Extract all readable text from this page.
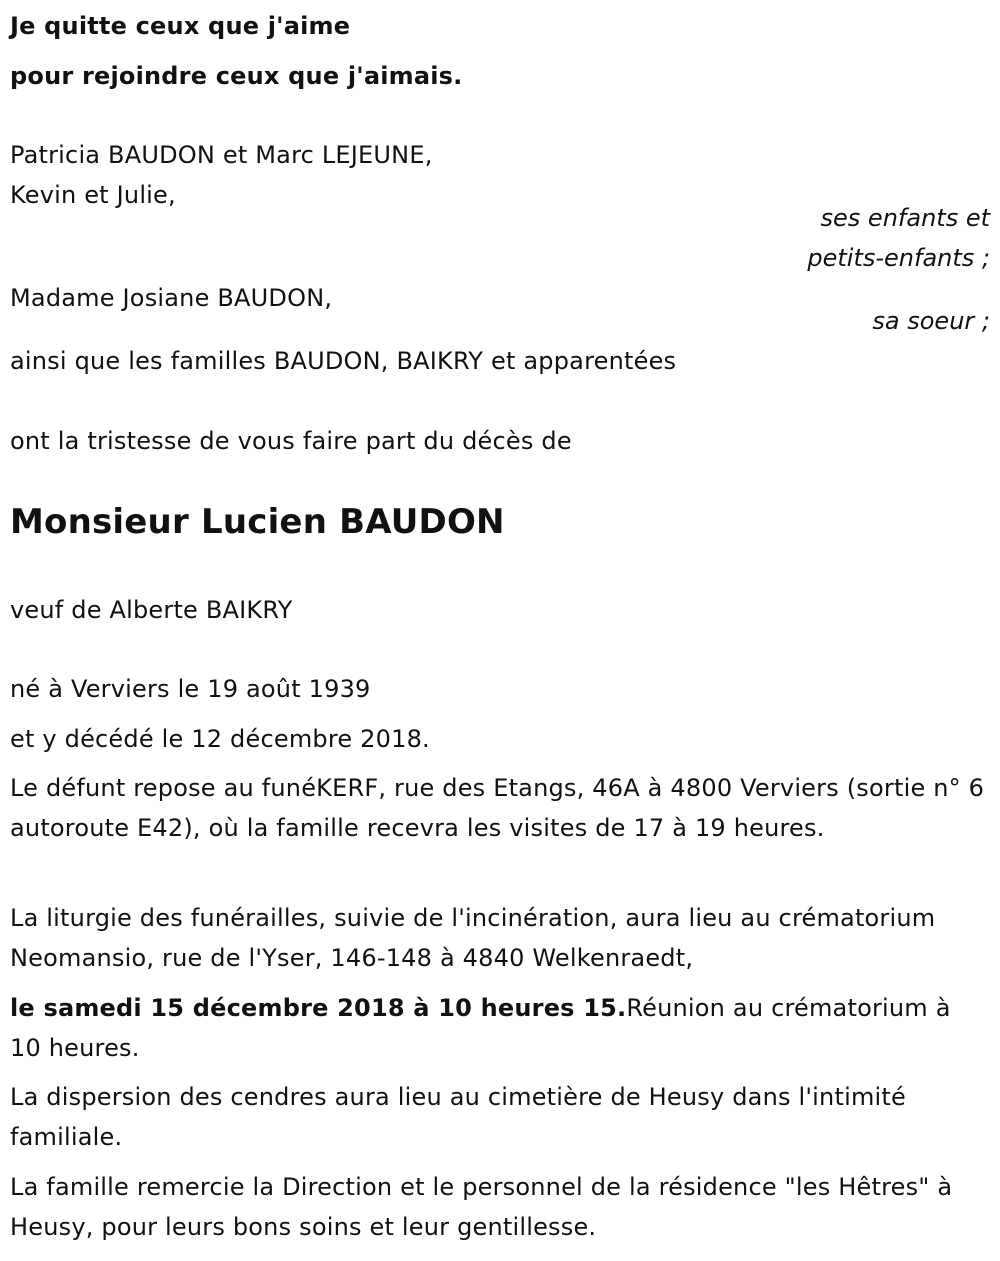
Je quitte ceux que j'aime
pour rejoindre ceux que j'aimais.
Patricia BAUDON et Marc LEJEUNE,
Kevin et Julie,
ses enfants et
petits-enfants ;
Madame Josiane BAUDON,
sa soeur ;
ainsi que les familles BAUDON, BAIKRY et apparentées
ont la tristesse de vous faire part du décès de
Monsieur Lucien BAUDON
veuf de Alberte BAIKRY
né à Verviers le 19 août 1939
et y décédé le 12 décembre 2018.
Le défunt repose au funéKERF, rue des Etangs, 46A à 4800 Verviers (sortie n° 6 autoroute E42), où la famille recevra les visites de 17 à 19 heures.
La liturgie des funérailles, suivie de l'incinération, aura lieu au crématorium Neomansio, rue de l'Yser, 146-148 à 4840 Welkenraedt,
le samedi 15 décembre 2018 à 10 heures 15.Réunion au crématorium à 10 heures.
La dispersion des cendres aura lieu au cimetière de Heusy dans l'intimité familiale.
La famille remercie la Direction et le personnel de la résidence "les Hêtres" à Heusy, pour leurs bons soins et leur gentillesse.
